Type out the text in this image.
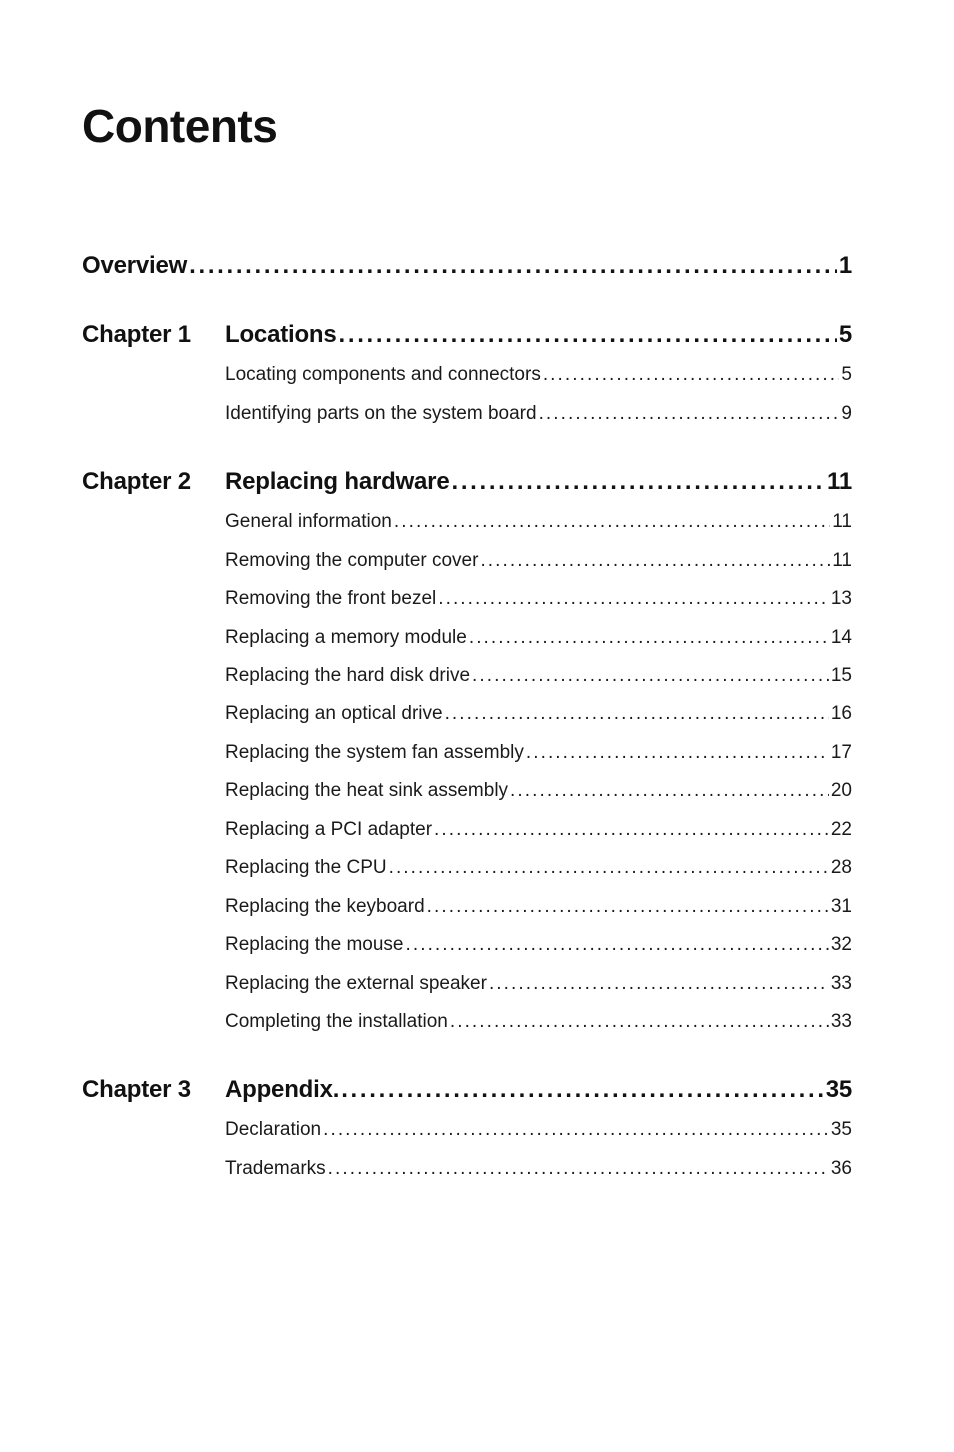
Contents
Overview . . .	1
Chapter 1 Locations . . .	5
Locating components and connectors . . .	5
Identifying parts on the system board . . .	9
Chapter 2 Replacing hardware . . .	11
General information . . .	11
Removing the computer cover . . .	11
Removing the front bezel . . .	13
Replacing a memory module . . .	14
Replacing the hard disk drive . . .	15
Replacing an optical drive . . .	16
Replacing the system fan assembly . . .	17
Replacing the heat sink assembly . . .	20
Replacing a PCI adapter . . .	22
Replacing the CPU . . .	28
Replacing the keyboard . . .	31
Replacing the mouse . . .	32
Replacing the external speaker . . .	33
Completing the installation . . .	33
Chapter 3 Appendix. . . .	35
Declaration . . .	35
Trademarks . . .	36
